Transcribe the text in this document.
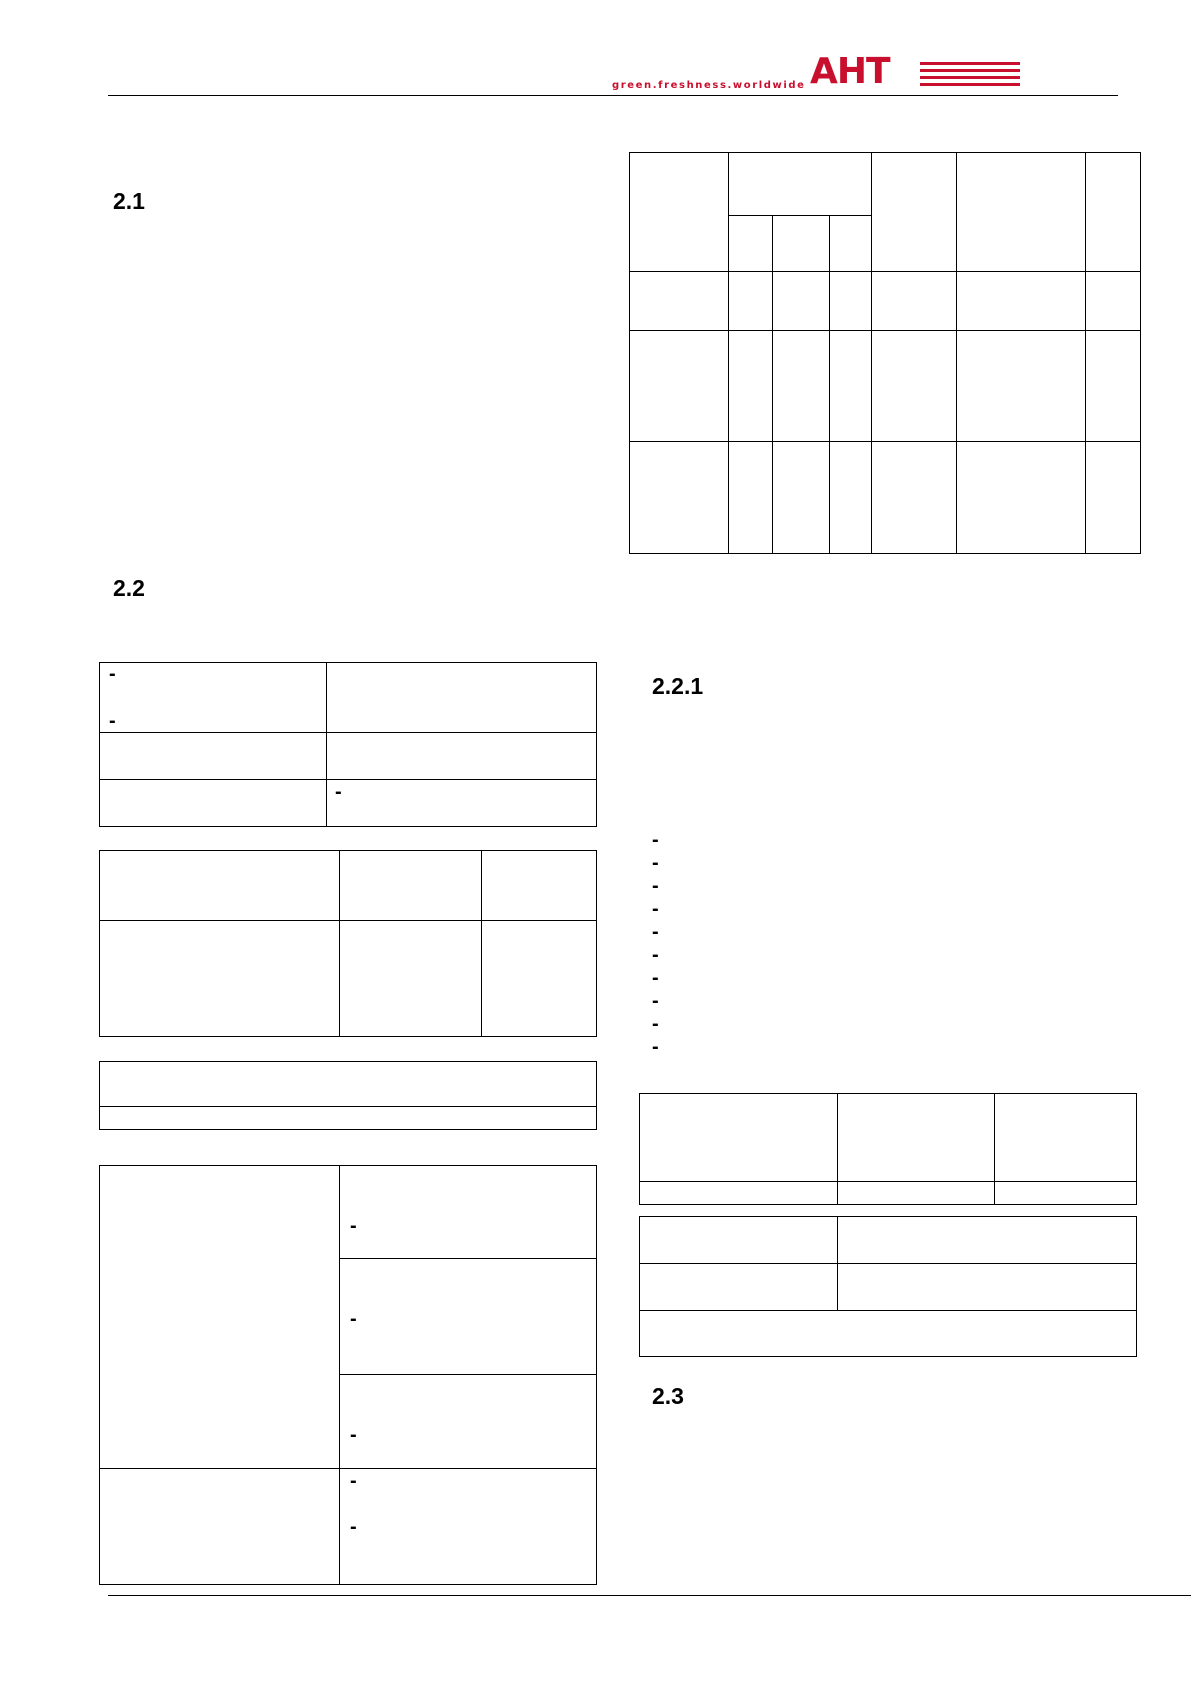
green.freshness.worldwide AHT
2.1
2.2
2.2.1
2.3
-
-
-
-
-
-
-
-
-
-
-
-
-
-
-
-
-
-
